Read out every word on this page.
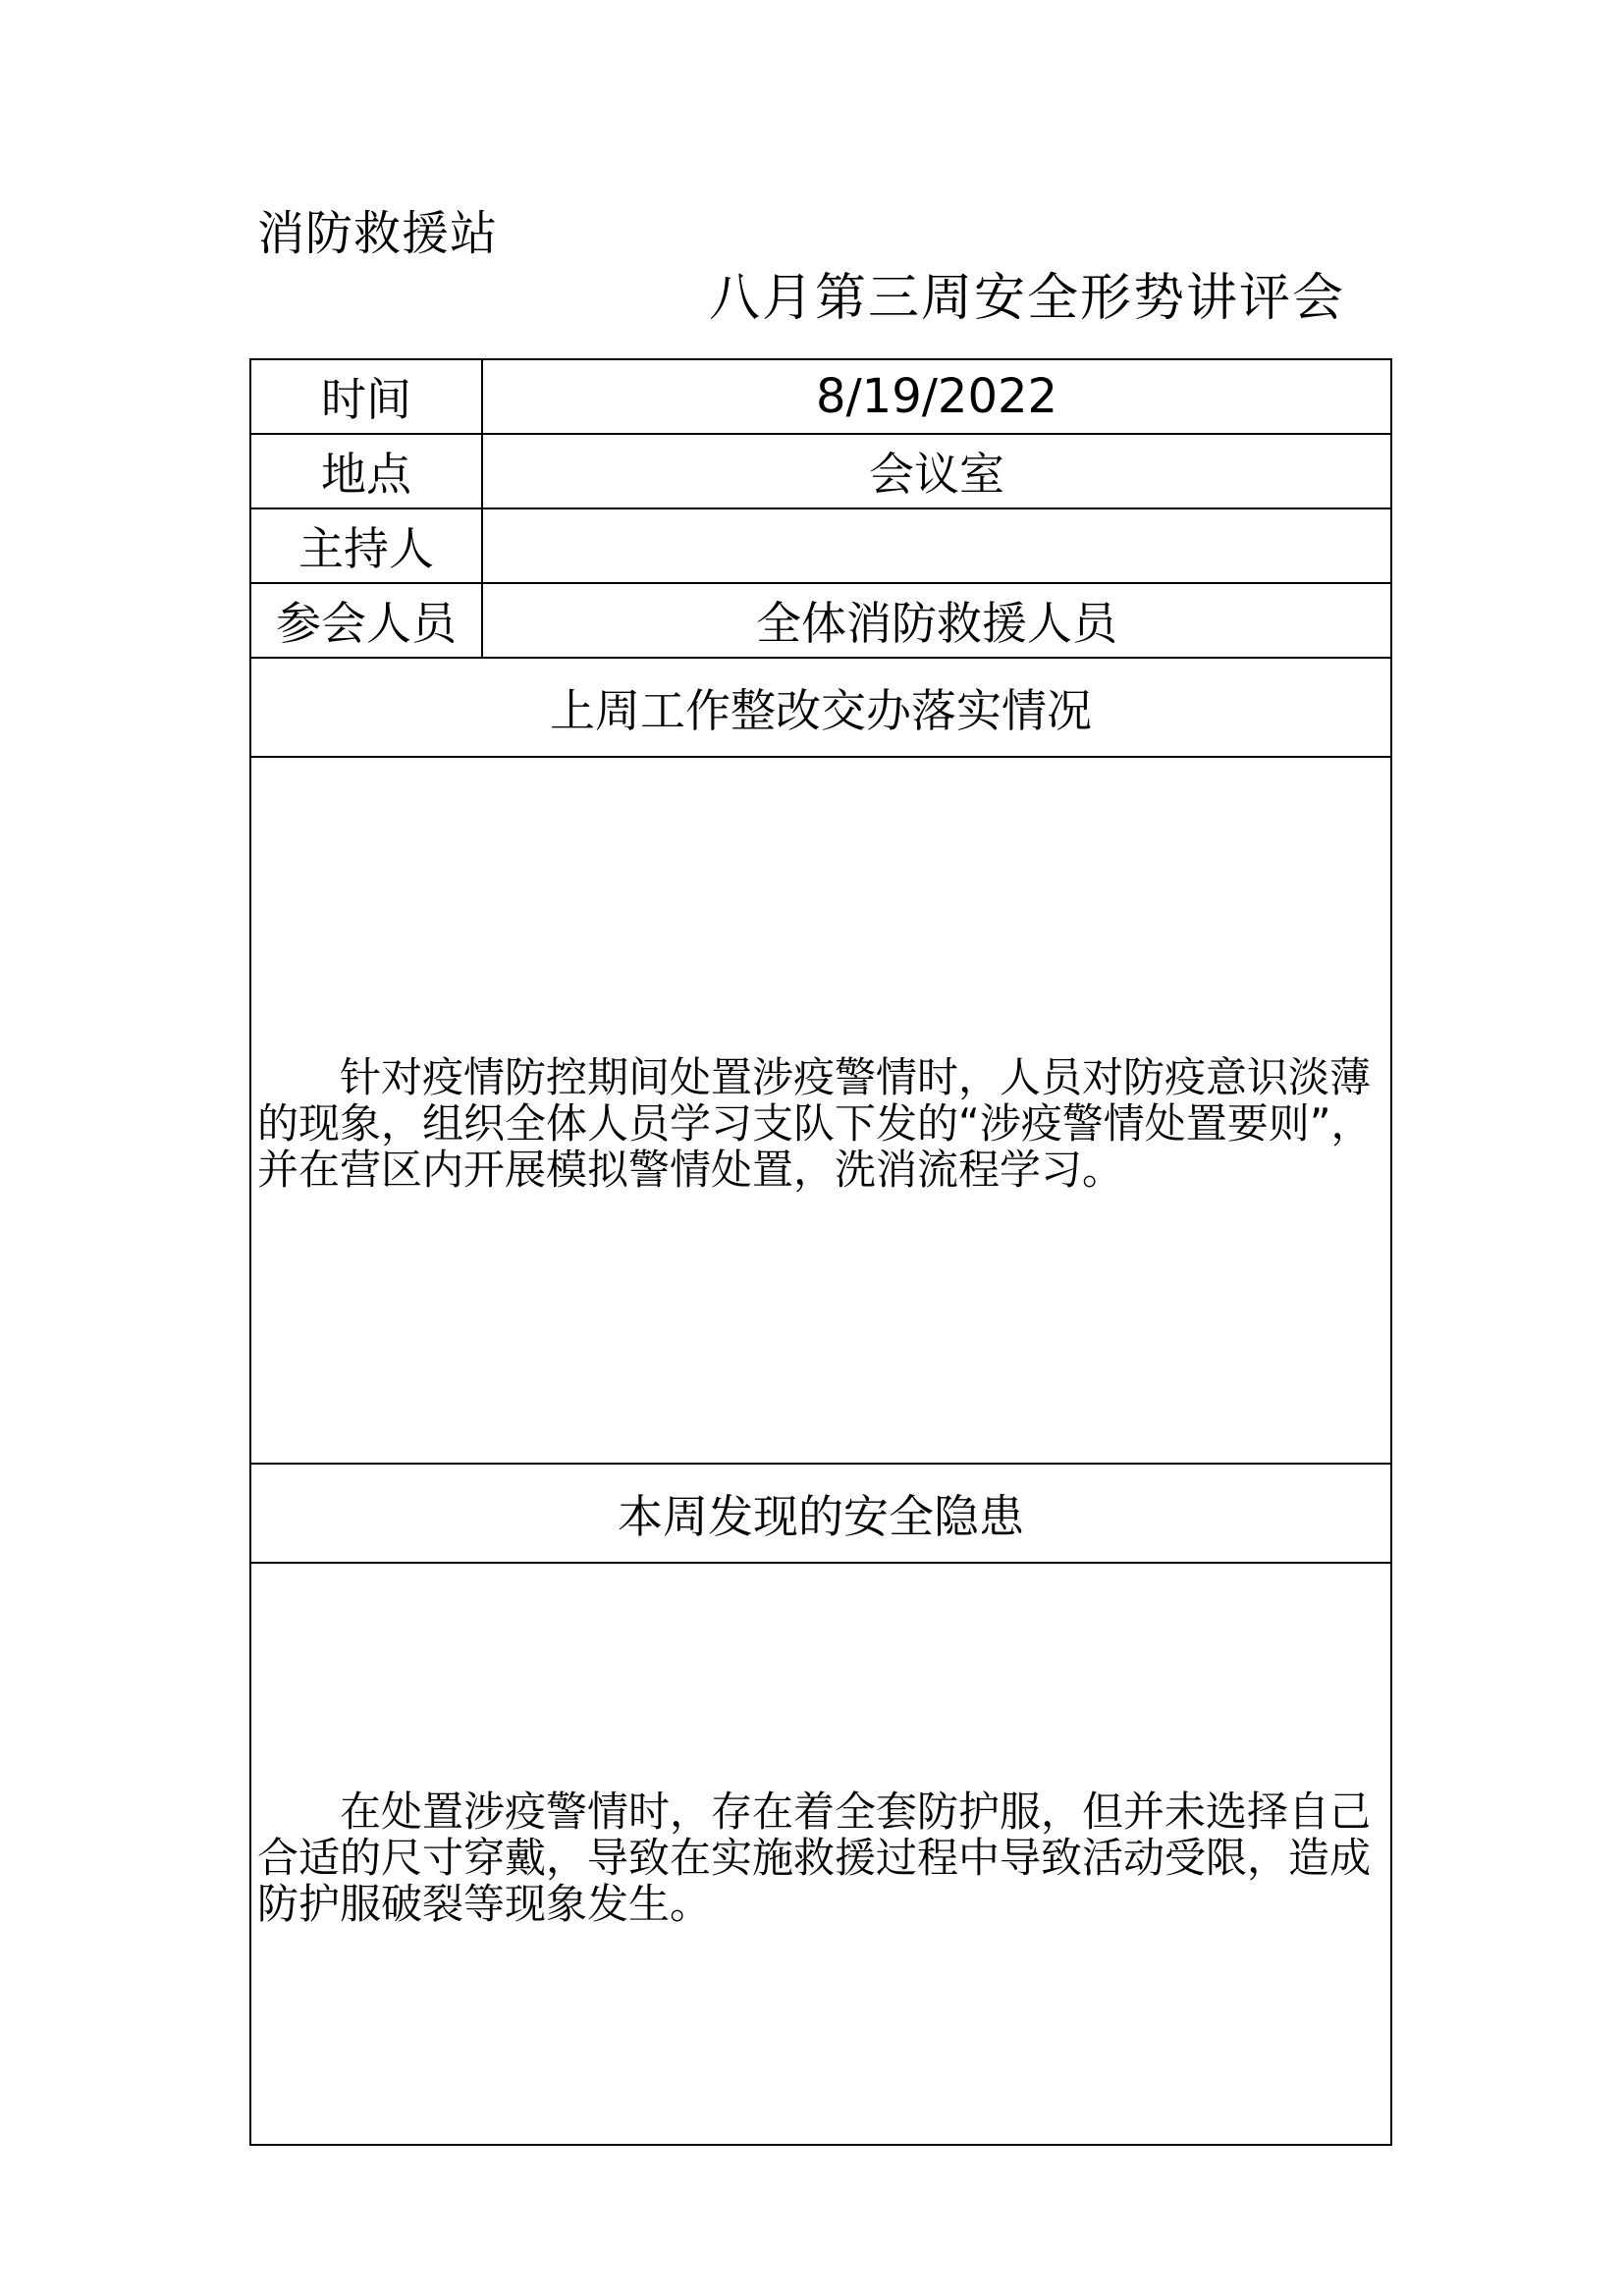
消防救援站
八月第三周安全形势讲评会
时间	8/19/2022
地点	会议室
主持人	
参会人员	全体消防救援人员
上周工作整改交办落实情况	

针对疫情防控期间处置涉疫警情时，人员对防疫意识淡薄的现象，组织全体人员学习支队下发的“涉疫警情处置要则”，并在营区内开展模拟警情处置，洗消流程学习。	

本周发现的安全隐患	

在处置涉疫警情时，存在着全套防护服，但并未选择自己合适的尺寸穿戴，导致在实施救援过程中导致活动受限，造成防护服破裂等现象发生。	
